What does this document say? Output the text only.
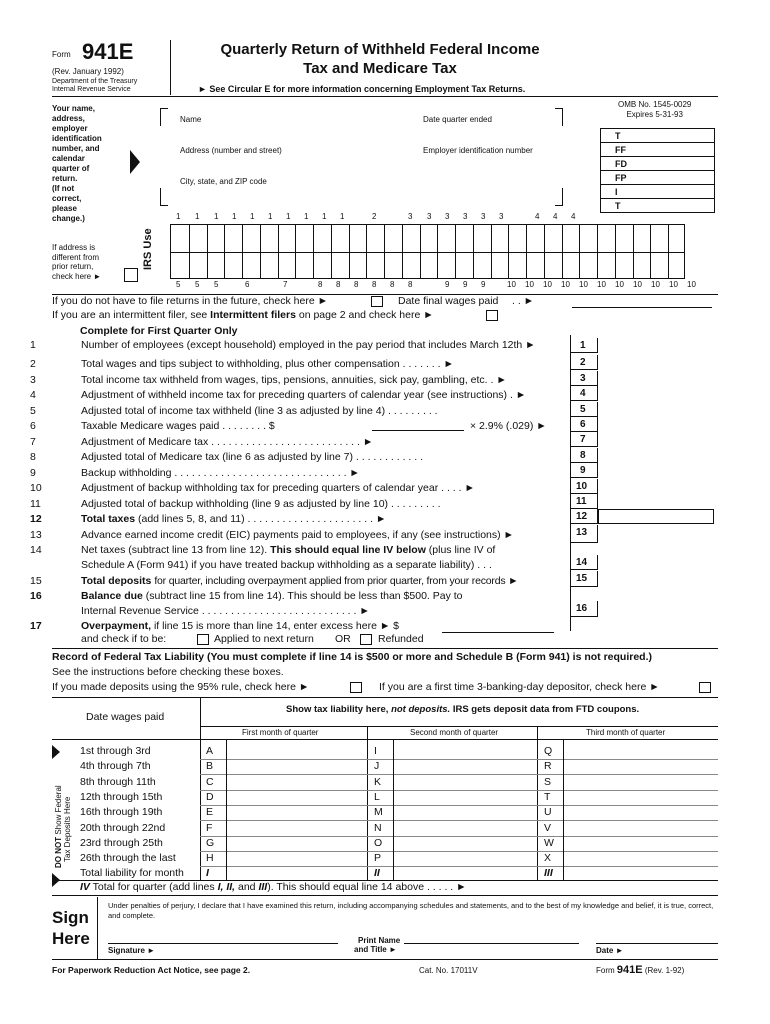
Form 941E
(Rev. January 1992)
Department of the Treasury
Internal Revenue Service
Quarterly Return of Withheld Federal Income
Tax and Medicare Tax
► See Circular E for more information concerning Employment Tax Returns.
Your name,
address,
employer
identification
number, and
calendar
quarter of
return.
(If not
correct,
please
change.)
Name	Date quarter ended
Address (number and street)	Employer identification number
City, state, and ZIP code
OMB No. 1545-0029
Expires 5-31-93
T
FF
FD
FP
I
T
1 1 1 1 1 1 1 1 1 1	2	3 3 3 3 3 3	4 4 4
IRS Use
5 5 5	6	7	8 8 8 8 8 8	9 9 9	10 10 10 10 10 10 10 10 10 10 10
If address is
different from
prior return,
check here ►
If you do not have to file returns in the future, check here ►	Date final wages paid . . ►
If you are an intermittent filer, see Intermittent filers on page 2 and check here ►
Complete for First Quarter Only
1	Number of employees (except household) employed in the pay period that includes March 12th ►
2	Total wages and tips subject to withholding, plus other compensation . . . . . . . ►
3	Total income tax withheld from wages, tips, pensions, annuities, sick pay, gambling, etc. . ►
4	Adjustment of withheld income tax for preceding quarters of calendar year (see instructions) . ►
5	Adjusted total of income tax withheld (line 3 as adjusted by line 4) . . . . . . . . .
6	Taxable Medicare wages paid . . . . . . . . $	× 2.9% (.029) ►
7	Adjustment of Medicare tax . . . . . . . . . . . . . . . . . . . . . . . . . . ►
8	Adjusted total of Medicare tax (line 6 as adjusted by line 7) . . . . . . . . . . . .
9	Backup withholding . . . . . . . . . . . . . . . . . . . . . . . . . . . . . . ►
10	Adjustment of backup withholding tax for preceding quarters of calendar year . . . . ►
11	Adjusted total of backup withholding (line 9 as adjusted by line 10) . . . . . . . . .
12	Total taxes (add lines 5, 8, and 11) . . . . . . . . . . . . . . . . . . . . . . ►
13	Advance earned income credit (EIC) payments paid to employees, if any (see instructions) ►
14	Net taxes (subtract line 13 from line 12). This should equal line IV below (plus line IV of
Schedule A (Form 941) if you have treated backup withholding as a separate liability) . . .
15	Total deposits for quarter, including overpayment applied from prior quarter, from your records ►
16	Balance due (subtract line 15 from line 14). This should be less than $500. Pay to
Internal Revenue Service . . . . . . . . . . . . . . . . . . . . . . . . . . . ►
17	Overpayment, if line 15 is more than line 14, enter excess here ► $
and check if to be:	Applied to next return OR	Refunded
1
2
3
4
5
6
7
8
9
10
11
12
13
14
15
16
Record of Federal Tax Liability (You must complete if line 14 is $500 or more and Schedule B (Form 941) is not required.)
See the instructions before checking these boxes.
If you made deposits using the 95% rule, check here ►	If you are a first time 3-banking-day depositor, check here ►
Date wages paid
Show tax liability here, not deposits. IRS gets deposit data from FTD coupons.
First month of quarter	Second month of quarter	Third month of quarter
DO NOT Show Federal Tax Deposits Here
1st through 3rd	A	I	Q
4th through 7th	B	J	R
8th through 11th	C	K	S
12th through 15th	D	L	T
16th through 19th	E	M	U
20th through 22nd	F	N	V
23rd through 25th	G	O	W
26th through the last	H	P	X
Total liability for month I	II	III
IV Total for quarter (add lines I, II, and III). This should equal line 14 above . . . . . ►
Sign
Here
Under penalties of perjury, I declare that I have examined this return, including accompanying schedules and statements, and to the best of my knowledge and belief, it is true, correct, and complete.
Signature ►
Print Name
and Title ►	Date ►
For Paperwork Reduction Act Notice, see page 2.	Cat. No. 17011V	Form 941E (Rev. 1-92)
